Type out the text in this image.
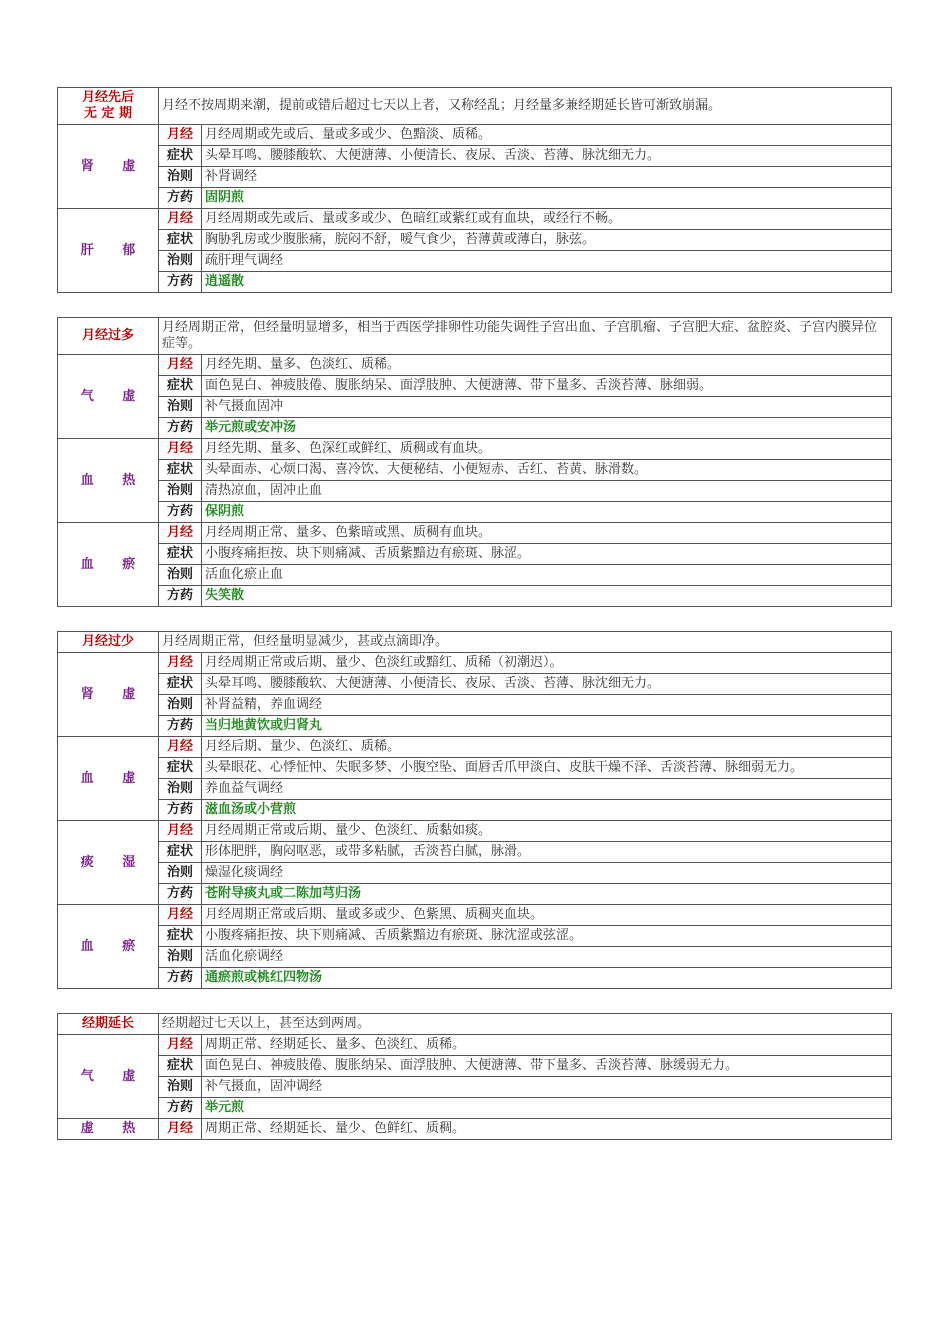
月经先后
无 定 期	月经不按周期来潮，提前或错后超过七天以上者，又称经乱；月经量多兼经期延长皆可渐致崩漏。	
肾 虚	月经	月经周期或先或后、量或多或少、色黯淡、质稀。
	症状	头晕耳鸣、腰膝酸软、大便溏薄、小便清长、夜尿、舌淡、苔薄、脉沈细无力。
	治则	补肾调经
	方药	固阴煎
肝 郁	月经	月经周期或先或后、量或多或少、色暗红或紫红或有血块，或经行不畅。
	症状	胸胁乳房或少腹胀痛，脘闷不舒，嗳气食少，苔薄黄或薄白，脉弦。
	治则	疏肝理气调经
	方药	逍遥散
月经过多	月经周期正常，但经量明显增多，相当于西医学排卵性功能失调性子宫出血、子宫肌瘤、子宫肥大症、盆腔炎、子宫内膜异位症等。	
气 虚	月经	月经先期、量多、色淡红、质稀。
	症状	面色晃白、神疲肢倦、腹胀纳呆、面浮肢肿、大便溏薄、带下量多、舌淡苔薄、脉细弱。
	治则	补气摄血固冲
	方药	举元煎或安冲汤
血 热	月经	月经先期、量多、色深红或鲜红、质稠或有血块。
	症状	头晕面赤、心烦口渴、喜冷饮、大便秘结、小便短赤、舌红、苔黄、脉滑数。
	治则	清热凉血，固冲止血
	方药	保阴煎
血 瘀	月经	月经周期正常、量多、色紫暗或黑、质稠有血块。
	症状	小腹疼痛拒按、块下则痛减、舌质紫黯边有瘀斑、脉涩。
	治则	活血化瘀止血
	方药	失笑散
月经过少	月经周期正常，但经量明显减少，甚或点滴即净。	
肾 虚	月经	月经周期正常或后期、量少、色淡红或黯红、质稀（初潮迟）。
	症状	头晕耳鸣、腰膝酸软、大便溏薄、小便清长、夜尿、舌淡、苔薄、脉沈细无力。
	治则	补肾益精，养血调经
	方药	当归地黄饮或归肾丸
血 虚	月经	月经后期、量少、色淡红、质稀。
	症状	头晕眼花、心悸怔忡、失眠多梦、小腹空坠、面唇舌爪甲淡白、皮肤干燥不泽、舌淡苔薄、脉细弱无力。
	治则	养血益气调经
	方药	滋血汤或小营煎
痰 湿	月经	月经周期正常或后期、量少、色淡红、质黏如痰。
	症状	形体肥胖，胸闷呕恶，或带多粘腻，舌淡苔白腻，脉滑。
	治则	燥湿化痰调经
	方药	苍附导痰丸或二陈加芎归汤
血 瘀	月经	月经周期正常或后期、量或多或少、色紫黑、质稠夹血块。
	症状	小腹疼痛拒按、块下则痛减、舌质紫黯边有瘀斑、脉沈涩或弦涩。
	治则	活血化瘀调经
	方药	通瘀煎或桃红四物汤
经期延长	经期超过七天以上，甚至达到两周。	
气 虚	月经	周期正常、经期延长、量多、色淡红、质稀。
	症状	面色晃白、神疲肢倦、腹胀纳呆、面浮肢肿、大便溏薄、带下量多、舌淡苔薄、脉缓弱无力。
	治则	补气摄血，固冲调经
	方药	举元煎
虚 热	月经	周期正常、经期延长、量少、色鲜红、质稠。
